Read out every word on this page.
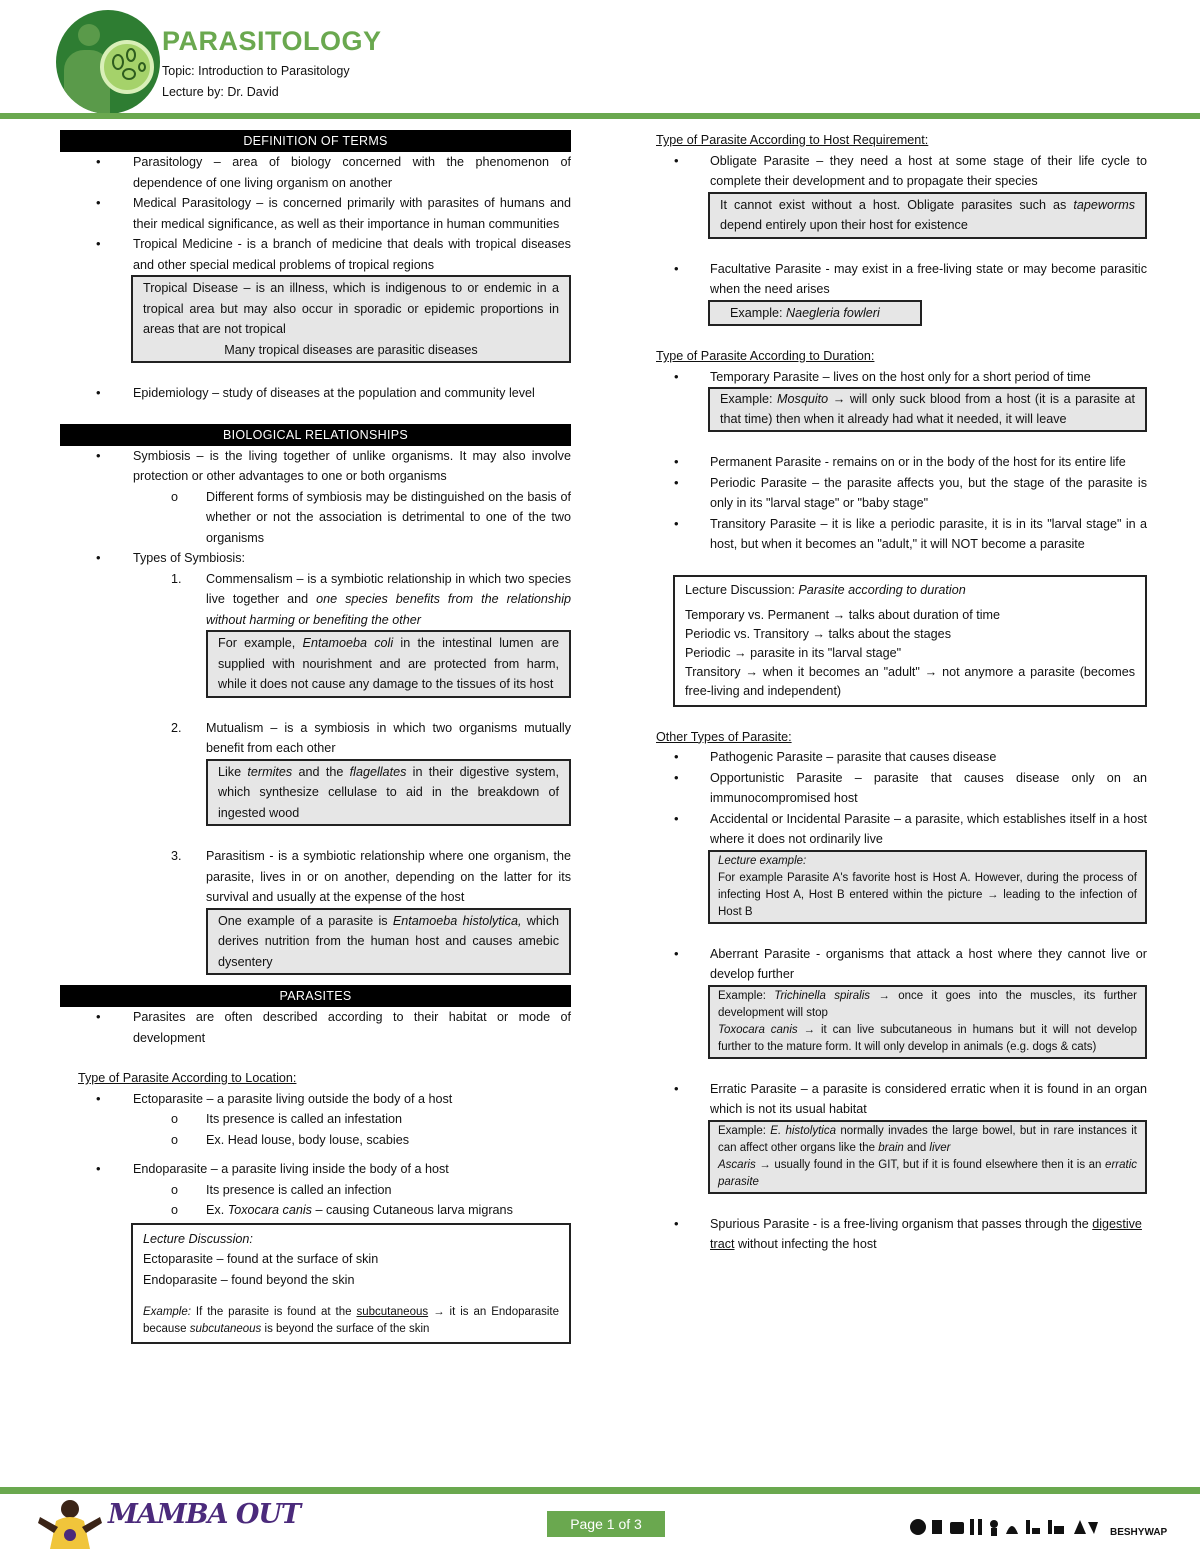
PARASITOLOGY
Topic: Introduction to Parasitology
Lecture by: Dr. David
DEFINITION OF TERMS
• Parasitology – area of biology concerned with the phenomenon of dependence of one living organism on another
• Medical Parasitology – is concerned primarily with parasites of humans and their medical significance, as well as their importance in human communities
• Tropical Medicine - is a branch of medicine that deals with tropical diseases and other special medical problems of tropical regions
Tropical Disease – is an illness, which is indigenous to or endemic in a tropical area but may also occur in sporadic or epidemic proportions in areas that are not tropical
Many tropical diseases are parasitic diseases
• Epidemiology – study of diseases at the population and community level
BIOLOGICAL RELATIONSHIPS
• Symbiosis – is the living together of unlike organisms. It may also involve protection or other advantages to one or both organisms
o Different forms of symbiosis may be distinguished on the basis of whether or not the association is detrimental to one of the two organisms
• Types of Symbiosis:
1. Commensalism – is a symbiotic relationship in which two species live together and one species benefits from the relationship without harming or benefiting the other
For example, Entamoeba coli in the intestinal lumen are supplied with nourishment and are protected from harm, while it does not cause any damage to the tissues of its host
2. Mutualism – is a symbiosis in which two organisms mutually benefit from each other
Like termites and the flagellates in their digestive system, which synthesize cellulase to aid in the breakdown of ingested wood
3. Parasitism - is a symbiotic relationship where one organism, the parasite, lives in or on another, depending on the latter for its survival and usually at the expense of the host
One example of a parasite is Entamoeba histolytica, which derives nutrition from the human host and causes amebic dysentery
PARASITES
• Parasites are often described according to their habitat or mode of development
Type of Parasite According to Location:
• Ectoparasite – a parasite living outside the body of a host
o Its presence is called an infestation
o Ex. Head louse, body louse, scabies
• Endoparasite – a parasite living inside the body of a host
o Its presence is called an infection
o Ex. Toxocara canis – causing Cutaneous larva migrans
Lecture Discussion:
Ectoparasite – found at the surface of skin
Endoparasite – found beyond the skin
Example: If the parasite is found at the subcutaneous → it is an Endoparasite because subcutaneous is beyond the surface of the skin
Type of Parasite According to Host Requirement:
• Obligate Parasite – they need a host at some stage of their life cycle to complete their development and to propagate their species
It cannot exist without a host. Obligate parasites such as tapeworms depend entirely upon their host for existence
• Facultative Parasite - may exist in a free-living state or may become parasitic when the need arises
Example: Naegleria fowleri
Type of Parasite According to Duration:
• Temporary Parasite – lives on the host only for a short period of time
Example: Mosquito → will only suck blood from a host (it is a parasite at that time) then when it already had what it needed, it will leave
• Permanent Parasite - remains on or in the body of the host for its entire life
• Periodic Parasite – the parasite affects you, but the stage of the parasite is only in its "larval stage" or "baby stage"
• Transitory Parasite – it is like a periodic parasite, it is in its "larval stage" in a host, but when it becomes an "adult," it will NOT become a parasite
Lecture Discussion: Parasite according to duration
Temporary vs. Permanent → talks about duration of time
Periodic vs. Transitory → talks about the stages
Periodic → parasite in its "larval stage"
Transitory → when it becomes an "adult" → not anymore a parasite (becomes free-living and independent)
Other Types of Parasite:
• Pathogenic Parasite – parasite that causes disease
• Opportunistic Parasite – parasite that causes disease only on an immunocompromised host
• Accidental or Incidental Parasite – a parasite, which establishes itself in a host where it does not ordinarily live
Lecture example:
For example Parasite A's favorite host is Host A. However, during the process of infecting Host A, Host B entered within the picture → leading to the infection of Host B
• Aberrant Parasite - organisms that attack a host where they cannot live or develop further
Example: Trichinella spiralis → once it goes into the muscles, its further development will stop
Toxocara canis → it can live subcutaneous in humans but it will not develop further to the mature form. It will only develop in animals (e.g. dogs & cats)
• Erratic Parasite – a parasite is considered erratic when it is found in an organ which is not its usual habitat
Example: E. histolytica normally invades the large bowel, but in rare instances it can affect other organs like the brain and liver
Ascaris → usually found in the GIT, but if it is found elsewhere then it is an erratic parasite
• Spurious Parasite - is a free-living organism that passes through the digestive tract without infecting the host
MAMBA OUT	Page 1 of 3
BESHYWAP
